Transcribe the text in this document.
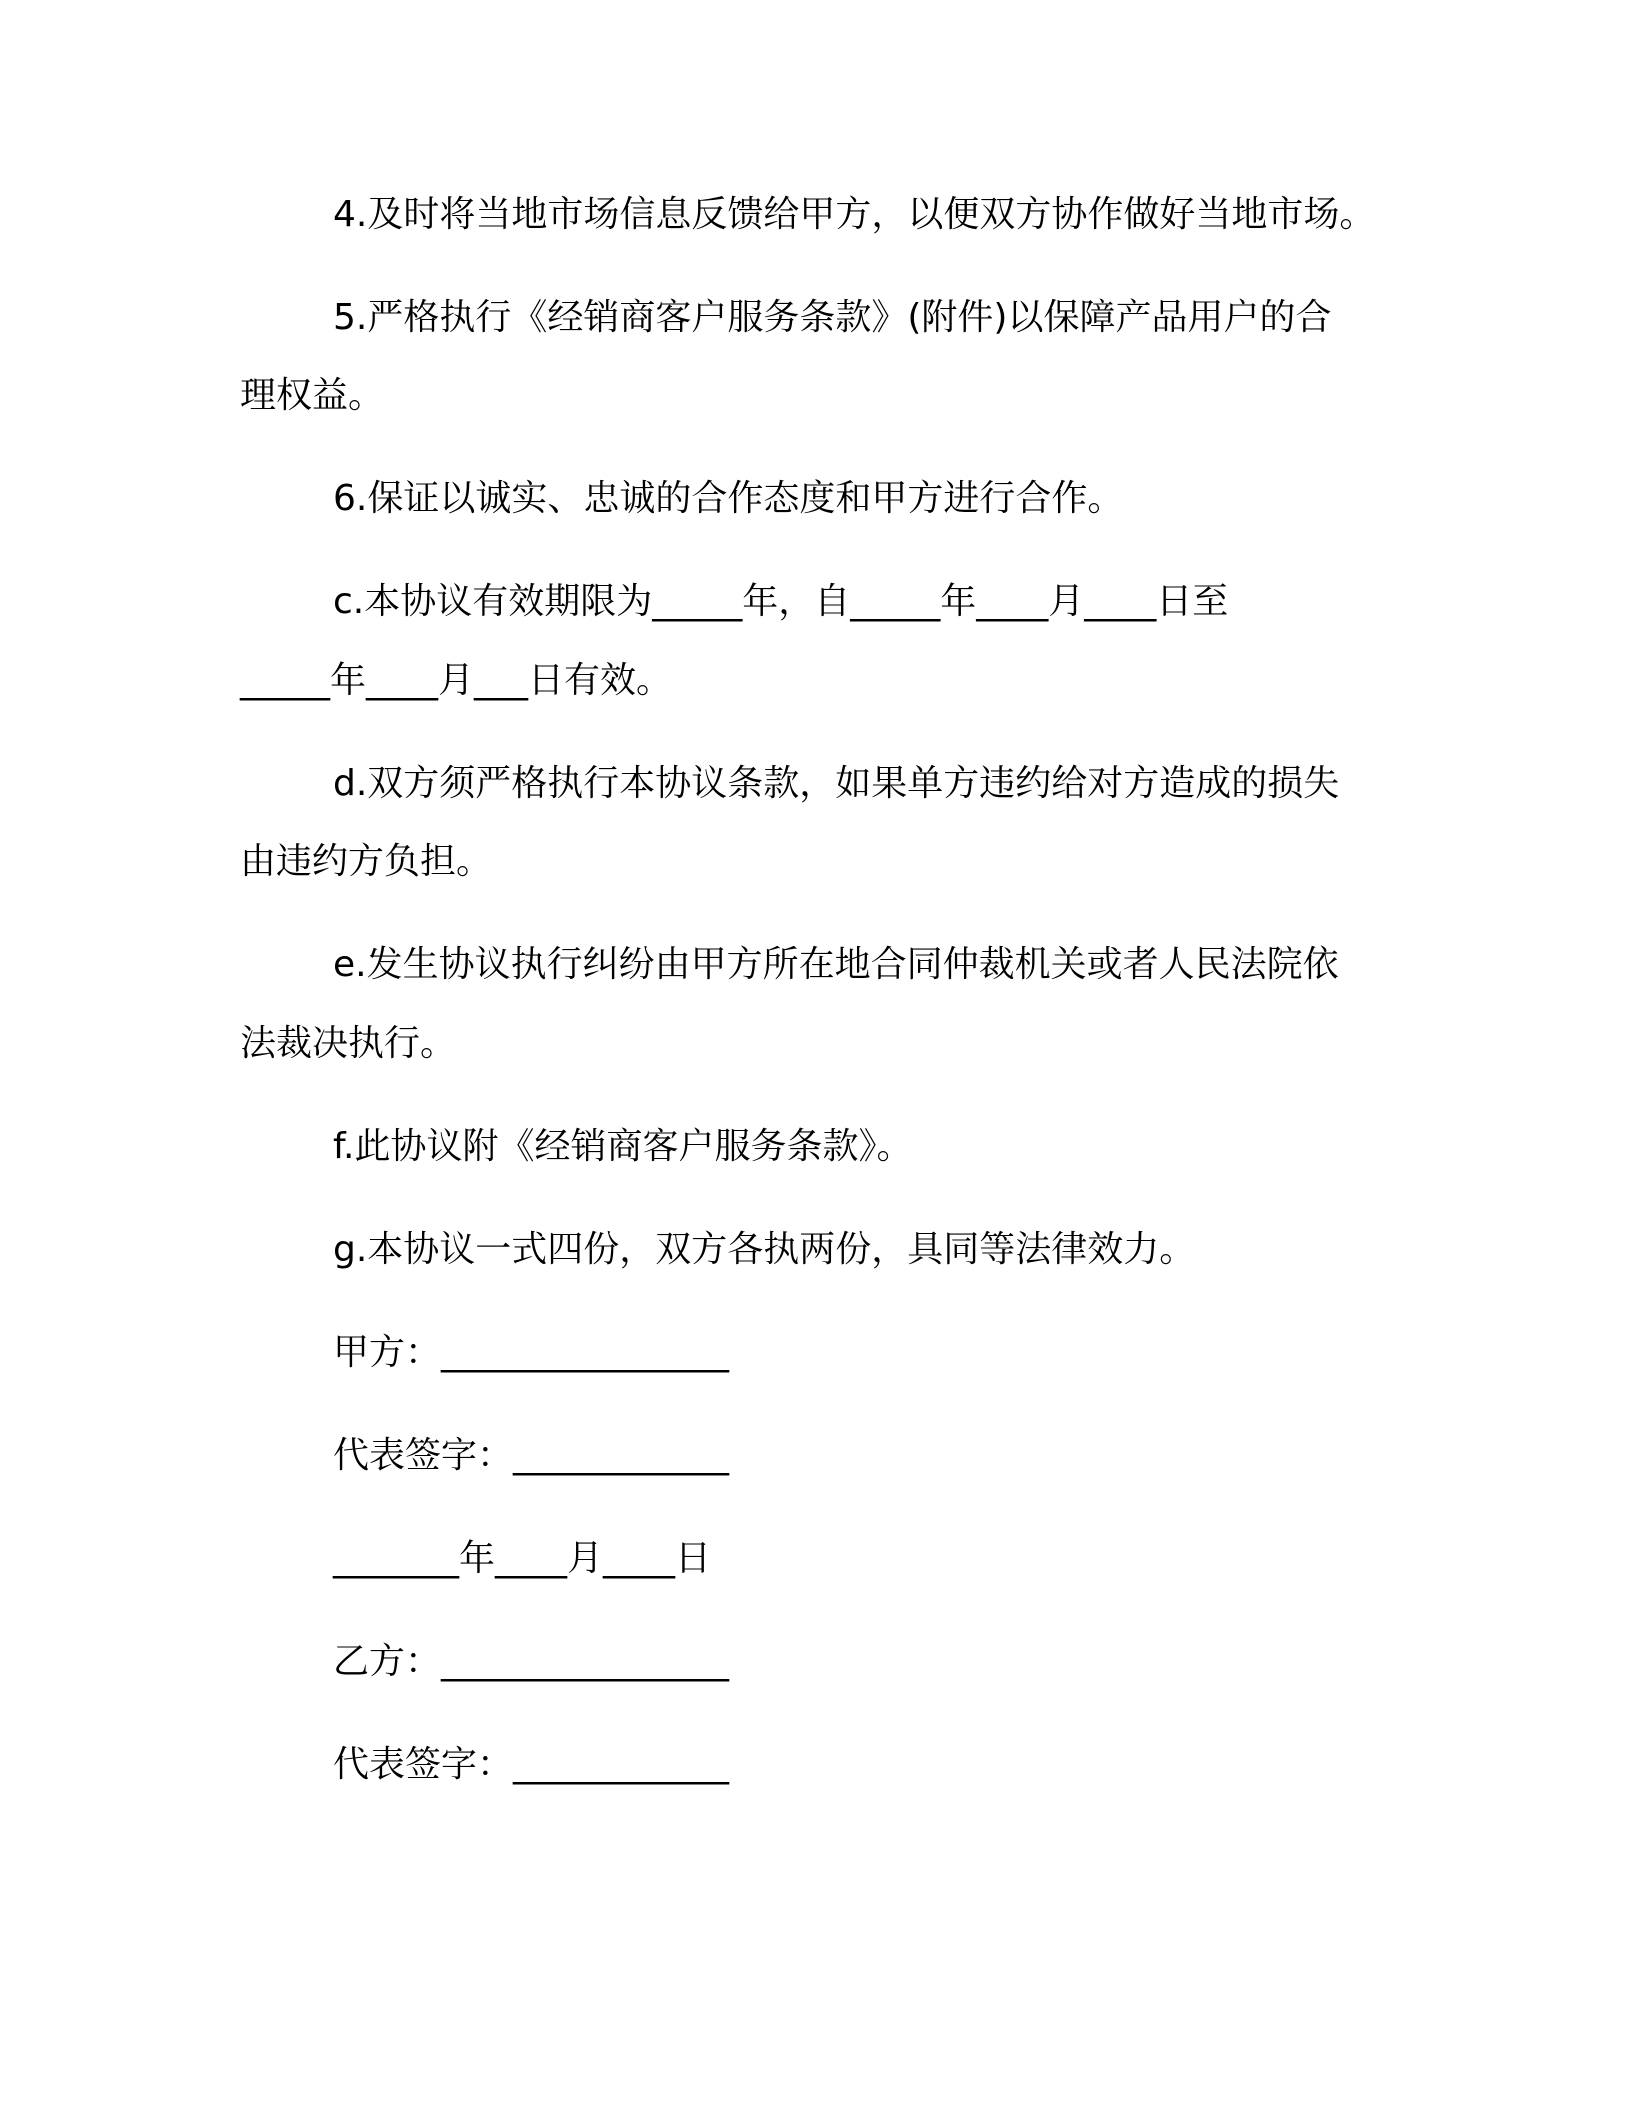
4.及时将当地市场信息反馈给甲方，以便双方协作做好当地市场。
5.严格执行《经销商客户服务条款》(附件)以保障产品用户的合
理权益。
6.保证以诚实、忠诚的合作态度和甲方进行合作。
c.本协议有效期限为_____年，自_____年____月____日至
_____年____月___日有效。
d.双方须严格执行本协议条款，如果单方违约给对方造成的损失
由违约方负担。
e.发生协议执行纠纷由甲方所在地合同仲裁机关或者人民法院依
法裁决执行。
f.此协议附《经销商客户服务条款》。
g.本协议一式四份，双方各执两份，具同等法律效力。
甲方：________________
代表签字：____________
_______年____月____日
乙方：________________
代表签字：____________
